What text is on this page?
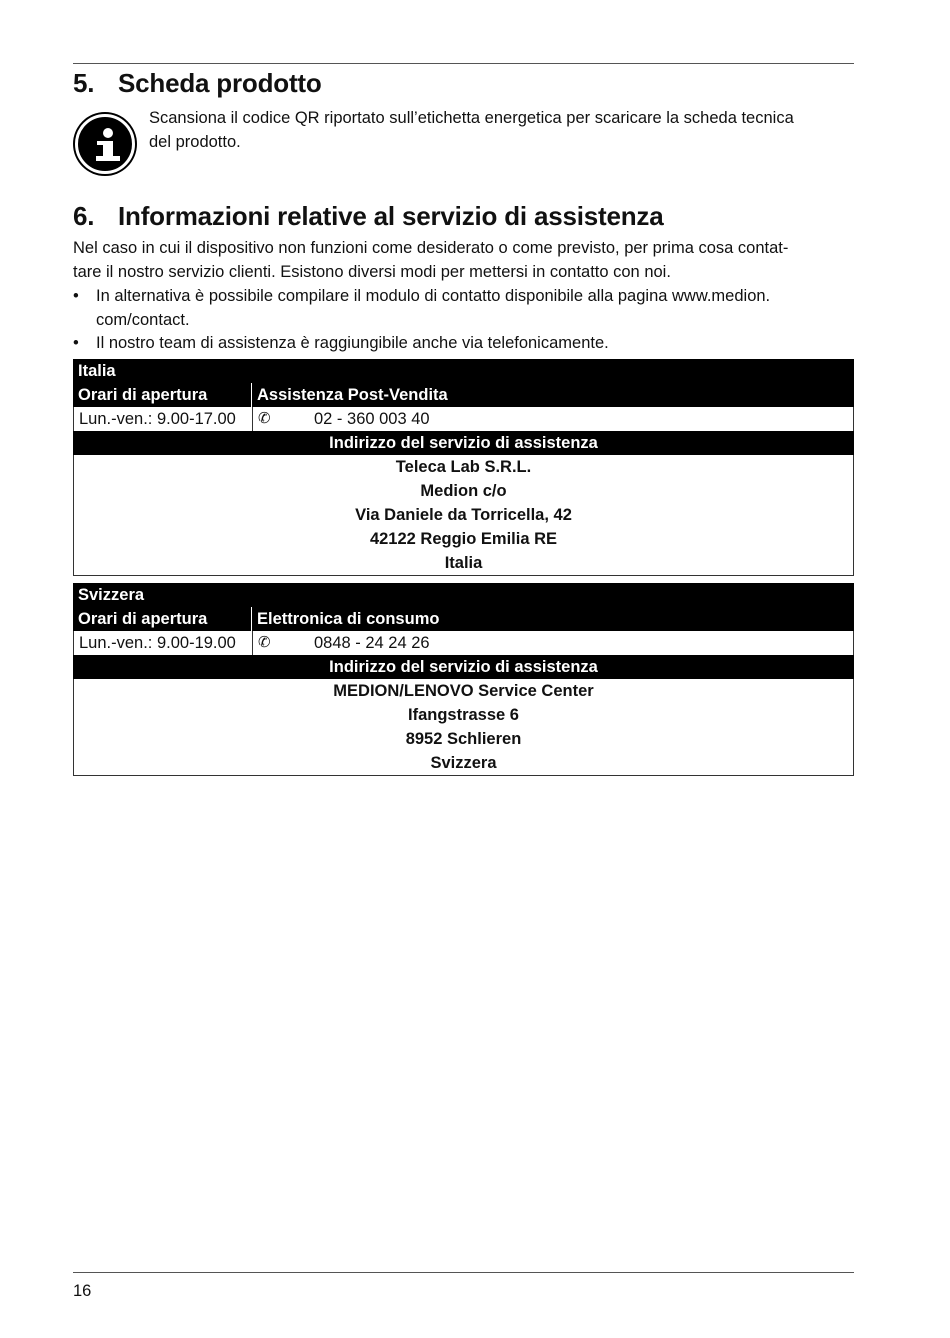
5. Scheda prodotto
Scansiona il codice QR riportato sull’etichetta energetica per scaricare la scheda tecnica
del prodotto.
6. Informazioni relative al servizio di assistenza
Nel caso in cui il dispositivo non funzioni come desiderato o come previsto, per prima cosa contat-
tare il nostro servizio clienti. Esistono diversi modi per mettersi in contatto con noi.
• In alternativa è possibile compilare il modulo di contatto disponibile alla pagina www.medion.
com/contact.
• Il nostro team di assistenza è raggiungibile anche via telefonicamente.
Italia
Orari di apertura	Assistenza Post-Vendita
Lun.-ven.: 9.00-17.00 ✆	02 - 360 003 40
Indirizzo del servizio di assistenza
Teleca Lab S.R.L.
Medion c/o
Via Daniele da Torricella, 42
42122 Reggio Emilia RE
Italia
Svizzera
Orari di apertura	Elettronica di consumo
Lun.-ven.: 9.00-19.00 ✆	0848 - 24 24 26
Indirizzo del servizio di assistenza
MEDION/LENOVO Service Center
Ifangstrasse 6
8952 Schlieren
Svizzera
16
